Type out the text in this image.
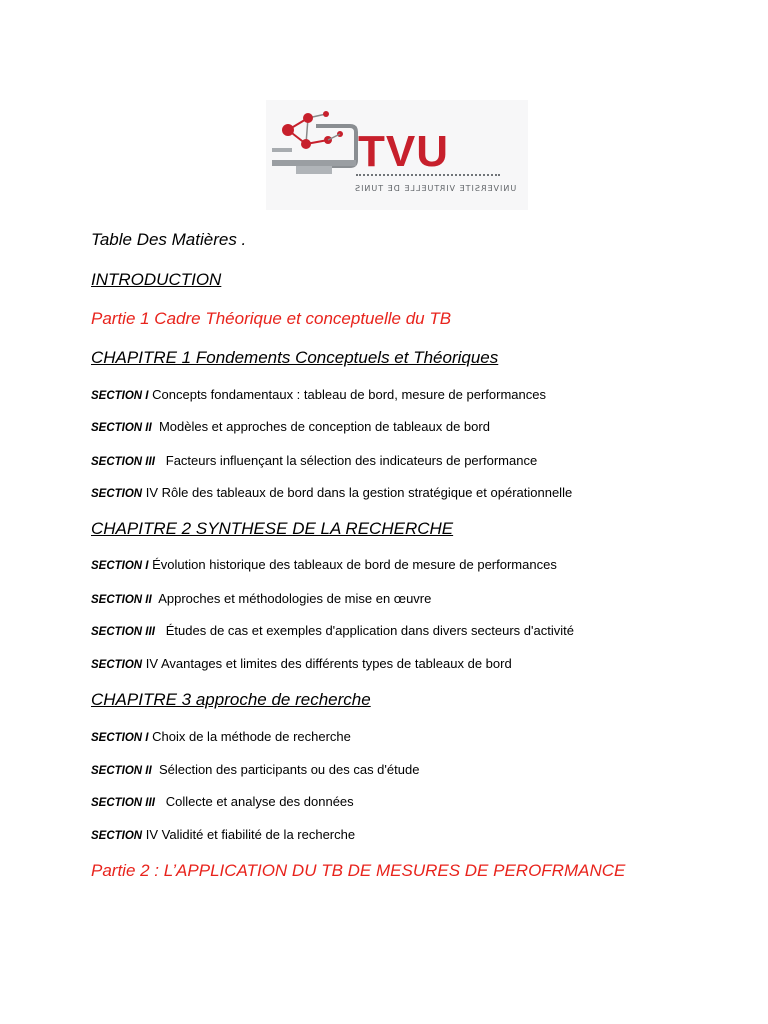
TVU
UNIVERSITE VIRTUELLE DE TUNIS
Table Des Matières .
INTRODUCTION
Partie 1 Cadre Théorique et conceptuelle du TB
CHAPITRE 1 Fondements Conceptuels et Théoriques
SECTION I Concepts fondamentaux : tableau de bord, mesure de performances
SECTION II Modèles et approches de conception de tableaux de bord
SECTION III Facteurs influençant la sélection des indicateurs de performance
SECTION IV Rôle des tableaux de bord dans la gestion stratégique et opérationnelle
CHAPITRE 2 SYNTHESE DE LA RECHERCHE
SECTION I Évolution historique des tableaux de bord de mesure de performances
SECTION II Approches et méthodologies de mise en œuvre
SECTION III Études de cas et exemples d'application dans divers secteurs d'activité
SECTION IV Avantages et limites des différents types de tableaux de bord
CHAPITRE 3 approche de recherche
SECTION I Choix de la méthode de recherche
SECTION II Sélection des participants ou des cas d'étude
SECTION III Collecte et analyse des données
SECTION IV Validité et fiabilité de la recherche
Partie 2 : L’APPLICATION DU TB DE MESURES DE PEROFRMANCE
